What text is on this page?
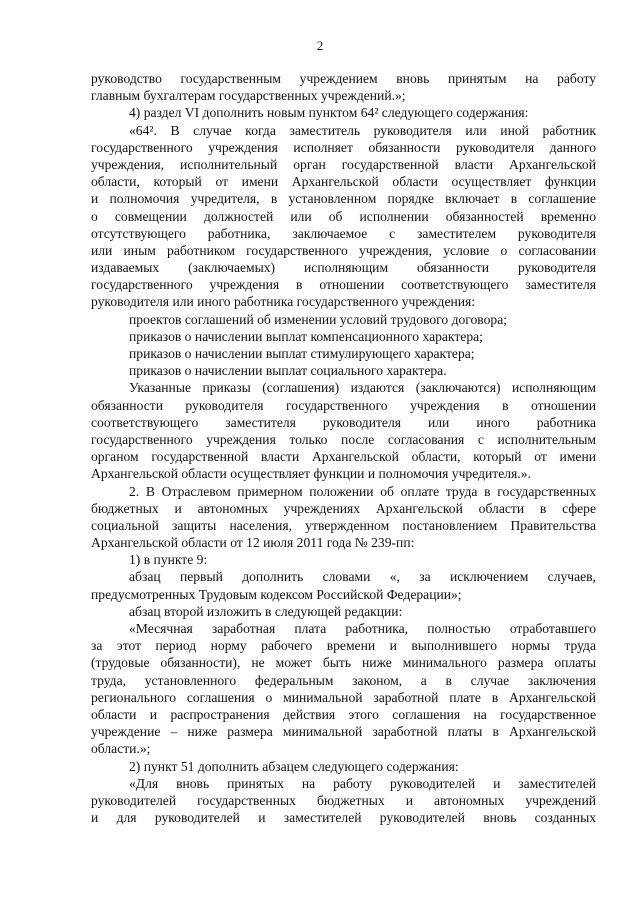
2
руководство государственным учреждением вновь принятым на работу
главным бухгалтерам государственных учреждений.»;
4) раздел VI дополнить новым пунктом 64² следующего содержания:
«64². В случае когда заместитель руководителя или иной работник
государственного учреждения исполняет обязанности руководителя данного
учреждения, исполнительный орган государственной власти Архангельской
области, который от имени Архангельской области осуществляет функции
и полномочия учредителя, в установленном порядке включает в соглашение
о совмещении должностей или об исполнении обязанностей временно
отсутствующего работника, заключаемое с заместителем руководителя
или иным работником государственного учреждения, условие о согласовании
издаваемых (заключаемых) исполняющим обязанности руководителя
государственного учреждения в отношении соответствующего заместителя
руководителя или иного работника государственного учреждения:
проектов соглашений об изменении условий трудового договора;
приказов о начислении выплат компенсационного характера;
приказов о начислении выплат стимулирующего характера;
приказов о начислении выплат социального характера.
Указанные приказы (соглашения) издаются (заключаются) исполняющим
обязанности руководителя государственного учреждения в отношении
соответствующего заместителя руководителя или иного работника
государственного учреждения только после согласования с исполнительным
органом государственной власти Архангельской области, который от имени
Архангельской области осуществляет функции и полномочия учредителя.».
2. В Отраслевом примерном положении об оплате труда в государственных
бюджетных и автономных учреждениях Архангельской области в сфере
социальной защиты населения, утвержденном постановлением Правительства
Архангельской области от 12 июля 2011 года № 239-пп:
1) в пункте 9:
абзац первый дополнить словами «, за исключением случаев,
предусмотренных Трудовым кодексом Российской Федерации»;
абзац второй изложить в следующей редакции:
«Месячная заработная плата работника, полностью отработавшего
за этот период норму рабочего времени и выполнившего нормы труда
(трудовые обязанности), не может быть ниже минимального размера оплаты
труда, установленного федеральным законом, а в случае заключения
регионального соглашения о минимальной заработной плате в Архангельской
области и распространения действия этого соглашения на государственное
учреждение – ниже размера минимальной заработной платы в Архангельской
области.»;
2) пункт 51 дополнить абзацем следующего содержания:
«Для вновь принятых на работу руководителей и заместителей
руководителей государственных бюджетных и автономных учреждений
и для руководителей и заместителей руководителей вновь созданных
